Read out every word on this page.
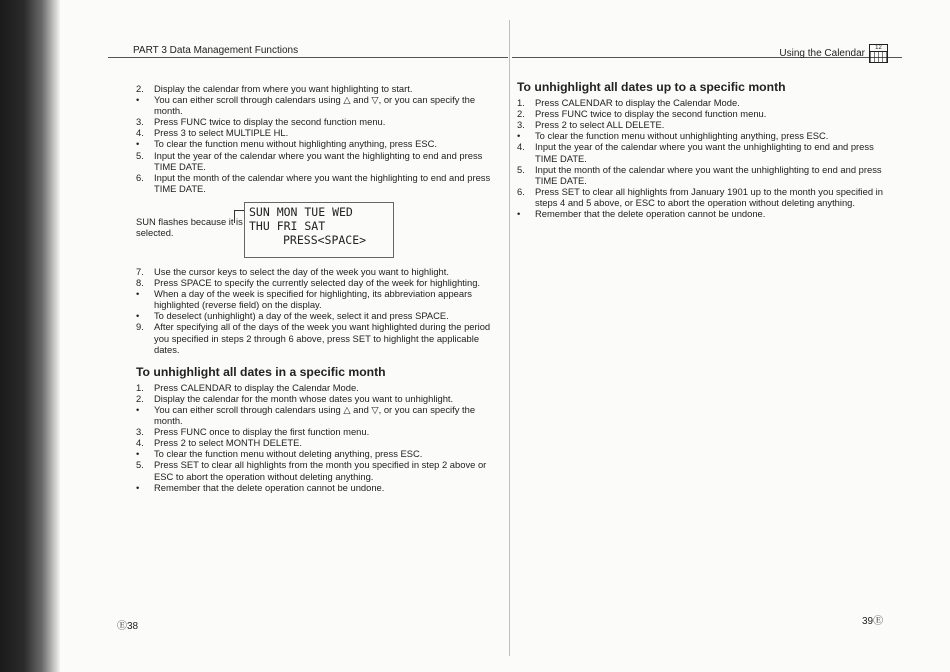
PART 3 Data Management Functions	Using the Calendar	12
2.	Display the calendar from where you want highlighting to start.
•	You can either scroll through calendars using △ and ▽, or you can specify the month.
3.	Press FUNC twice to display the second function menu.
4.	Press 3 to select MULTIPLE HL.
•	To clear the function menu without highlighting anything, press ESC.
5.	Input the year of the calendar where you want the highlighting to end and press TIME DATE.
6.	Input the month of the calendar where you want the highlighting to end and press TIME DATE.
SUN flashes because it is selected.
SUN MON TUE WED
THU FRI SAT
PRESS<SPACE>
7.	Use the cursor keys to select the day of the week you want to highlight.
8.	Press SPACE to specify the currently selected day of the week for highlighting.
•	When a day of the week is specified for highlighting, its abbreviation appears highlighted (reverse field) on the display.
•	To deselect (unhighlight) a day of the week, select it and press SPACE.
9.	After specifying all of the days of the week you want highlighted during the period you specified in steps 2 through 6 above, press SET to highlight the applicable dates.
To unhighlight all dates in a specific month
1.	Press CALENDAR to display the Calendar Mode.
2.	Display the calendar for the month whose dates you want to unhighlight.
•	You can either scroll through calendars using △ and ▽, or you can specify the month.
3.	Press FUNC once to display the first function menu.
4.	Press 2 to select MONTH DELETE.
•	To clear the function menu without deleting anything, press ESC.
5.	Press SET to clear all highlights from the month you specified in step 2 above or ESC to abort the operation without deleting anything.
•	Remember that the delete operation cannot be undone.
To unhighlight all dates up to a specific month
1.	Press CALENDAR to display the Calendar Mode.
2.	Press FUNC twice to display the second function menu.
3.	Press 2 to select ALL DELETE.
•	To clear the function menu without unhighlighting anything, press ESC.
4.	Input the year of the calendar where you want the unhighlighting to end and press TIME DATE.
5.	Input the month of the calendar where you want the unhighlighting to end and press TIME DATE.
6.	Press SET to clear all highlights from January 1901 up to the month you specified in steps 4 and 5 above, or ESC to abort the operation without deleting anything.
•	Remember that the delete operation cannot be undone.
Ⓔ38	39Ⓔ
